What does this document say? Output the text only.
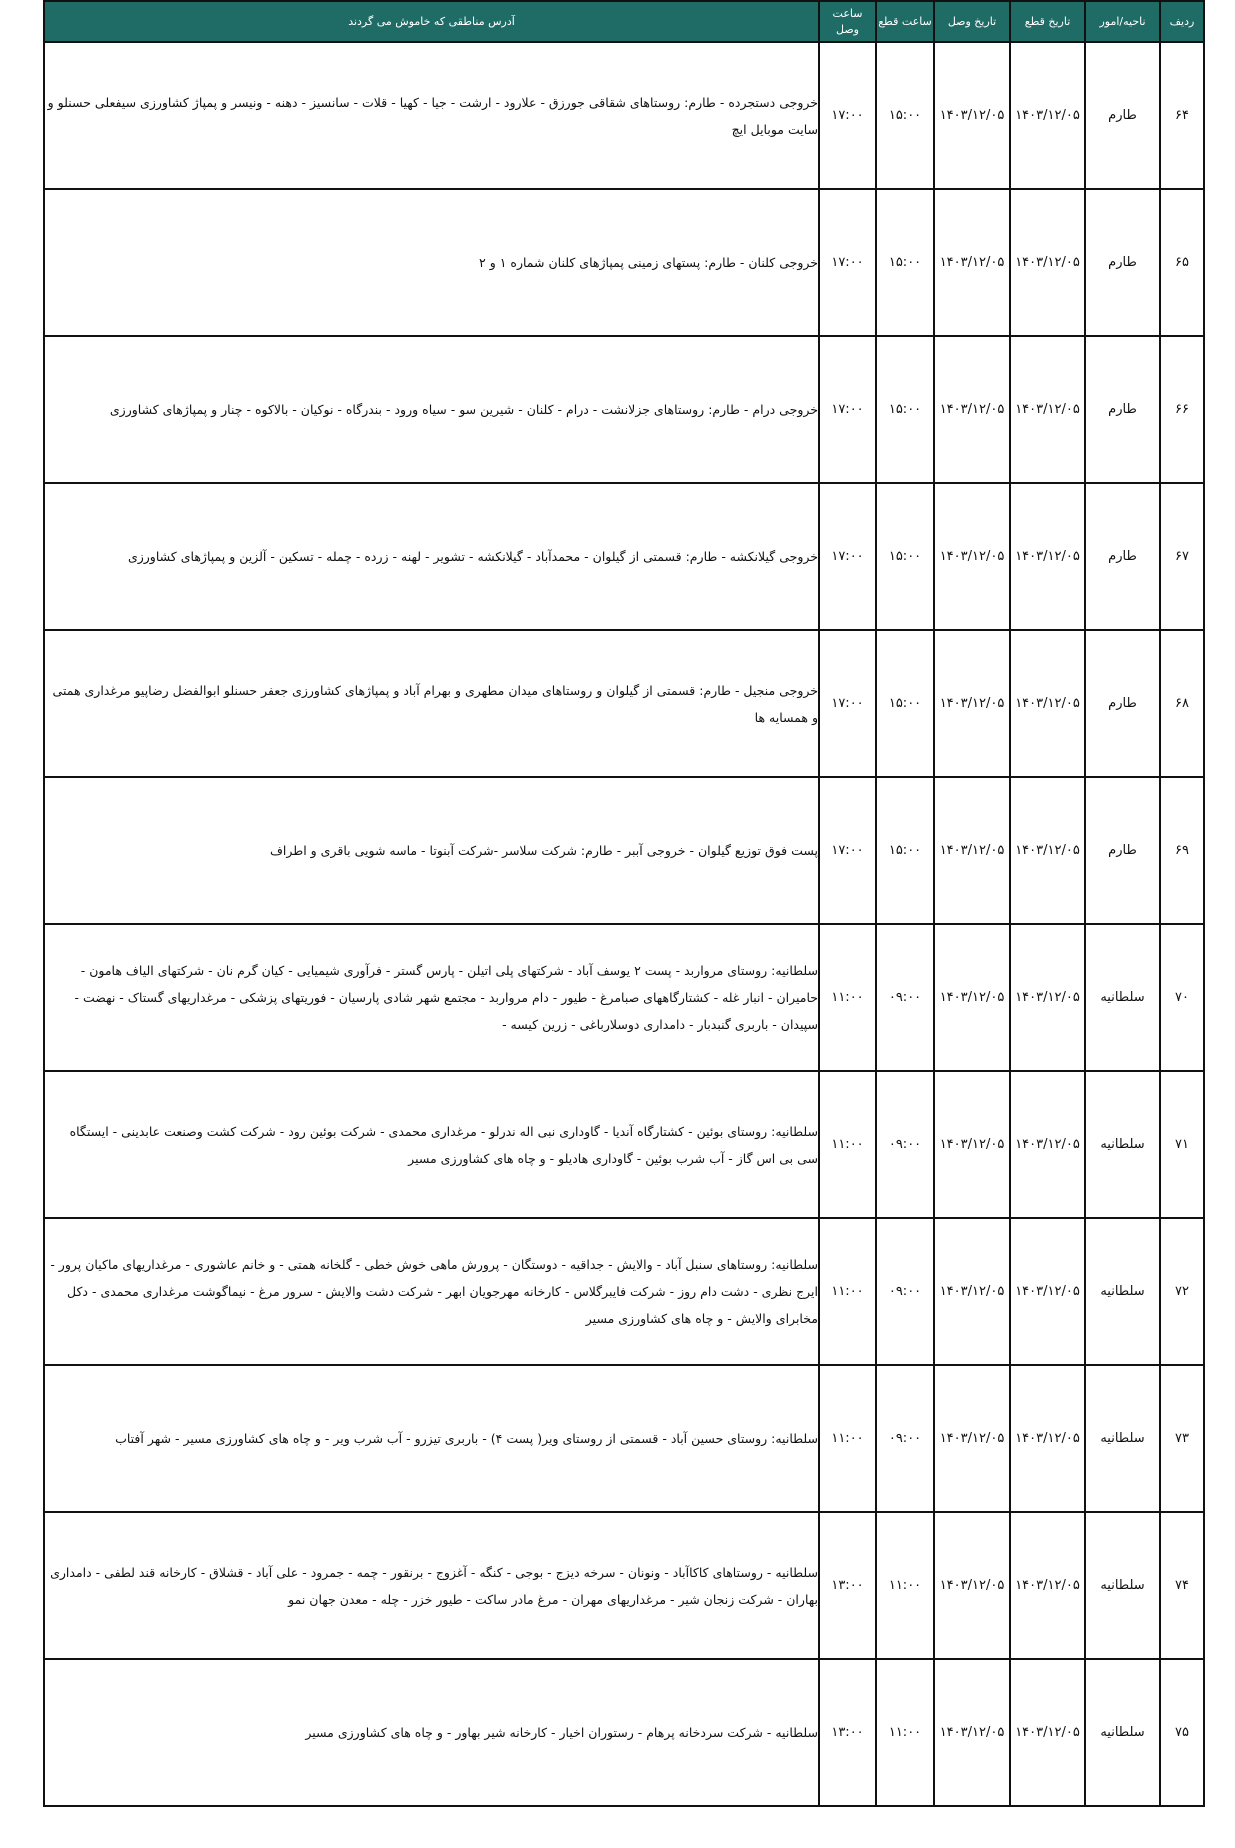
ردیف	ناحیه/امور	تاریخ قطع	تاریخ وصل	ساعت قطع	ساعت وصل	آدرس مناطقی که خاموش می گردند
۶۴	طارم	۱۴۰۳/۱۲/۰۵	۱۴۰۳/۱۲/۰۵	۱۵:۰۰	۱۷:۰۰	خروجی دستجرده - طارم: روستاهای شقاقی جورزق - علارود - ارشت - جیا - کهیا - قلات - سانسیز - دهنه - ونیسر و پمپاژ کشاورزی سیفعلی حسنلو و سایت موبایل ایچ
۶۵	طارم	۱۴۰۳/۱۲/۰۵	۱۴۰۳/۱۲/۰۵	۱۵:۰۰	۱۷:۰۰	خروجی کلنان - طارم: پستهای زمینی پمپاژهای کلنان شماره ۱ و ۲
۶۶	طارم	۱۴۰۳/۱۲/۰۵	۱۴۰۳/۱۲/۰۵	۱۵:۰۰	۱۷:۰۰	خروجی درام - طارم: روستاهای جزلانشت - درام - کلنان - شیرین سو - سیاه ورود - بندرگاه - نوکیان - بالاکوه - چنار و پمپاژهای کشاورزی
۶۷	طارم	۱۴۰۳/۱۲/۰۵	۱۴۰۳/۱۲/۰۵	۱۵:۰۰	۱۷:۰۰	خروجی گیلانکشه - طارم: قسمتی از گیلوان - محمدآباد - گیلانکشه - تشویر - لهنه - زرده - چمله - تسکین - آلزین و پمپاژهای کشاورزی
۶۸	طارم	۱۴۰۳/۱۲/۰۵	۱۴۰۳/۱۲/۰۵	۱۵:۰۰	۱۷:۰۰	خروجی منجیل - طارم: قسمتی از گیلوان و روستاهای میدان مطهری و بهرام آباد و پمپاژهای کشاورزی جعفر حسنلو ابوالفضل رضاپیو مرغداری همتی و همسایه ها
۶۹	طارم	۱۴۰۳/۱۲/۰۵	۱۴۰۳/۱۲/۰۵	۱۵:۰۰	۱۷:۰۰	پست فوق توزیع گیلوان - خروجی آببر - طارم: شرکت سلاسر -شرکت آبنوتا - ماسه شویی باقری و اطراف
۷۰	سلطانیه	۱۴۰۳/۱۲/۰۵	۱۴۰۳/۱۲/۰۵	۰۹:۰۰	۱۱:۰۰	سلطانیه: روستای مرواربد - پست ۲ یوسف آباد - شرکتهای پلی اتیلن - پارس گستر - فرآوری شیمیایی - کیان گرم نان - شرکتهای الیاف هامون - حامیران - انبار غله - کشتارگاههای صبامرغ - طیور - دام مرواربد - مجتمع شهر شادی پارسیان - فوریتهای پزشکی - مرغداریهای گستاک - نهضت - سپیدان - باربری گنبدبار - دامداری دوسلارباغی - زرین کیسه -
۷۱	سلطانیه	۱۴۰۳/۱۲/۰۵	۱۴۰۳/۱۲/۰۵	۰۹:۰۰	۱۱:۰۰	سلطانیه: روستای بوئین - کشتارگاه آندیا - گاوداری نبی اله ندرلو - مرغداری محمدی - شرکت بوئین رود - شرکت کشت وصنعت عابدینی - ایستگاه سی بی اس گاز - آب شرب بوئین - گاوداری هادیلو - و چاه های کشاورزی مسیر
۷۲	سلطانیه	۱۴۰۳/۱۲/۰۵	۱۴۰۳/۱۲/۰۵	۰۹:۰۰	۱۱:۰۰	سلطانیه: روستاهای سنبل آباد - والایش - جداقیه - دوستگان - پرورش ماهی خوش خطی - گلخانه همتی - و خانم عاشوری - مرغداریهای ماکیان پرور - ایرج نظری - دشت دام روز - شرکت فایبرگلاس - کارخانه مهرجویان ابهر - شرکت دشت والایش - سرور مرغ - نیماگوشت مرغداری محمدی - دکل مخابرای والایش - و چاه های کشاورزی مسیر
۷۳	سلطانیه	۱۴۰۳/۱۲/۰۵	۱۴۰۳/۱۲/۰۵	۰۹:۰۰	۱۱:۰۰	سلطانیه: روستای حسین آباد - قسمتی از روستای ویر( پست ۴) - باربری تیزرو - آب شرب ویر - و چاه های کشاورزی مسیر - شهر آفتاب
۷۴	سلطانیه	۱۴۰۳/۱۲/۰۵	۱۴۰۳/۱۲/۰۵	۱۱:۰۰	۱۳:۰۰	سلطانیه - روستاهای کاکاآباد - ونونان - سرخه دیزج - بوجی - کنگه - آغزوج - برنقور - چمه - جمرود - علی آباد - قشلاق - کارخانه قند لطفی - دامداری بهاران - شرکت زنجان شیر - مرغداریهای مهران - مرغ مادر ساکت - طیور خزر - چله - معدن جهان نمو
۷۵	سلطانیه	۱۴۰۳/۱۲/۰۵	۱۴۰۳/۱۲/۰۵	۱۱:۰۰	۱۳:۰۰	سلطانیه - شرکت سردخانه پرهام - رستوران اخیار - کارخانه شیر بهاور - و چاه های کشاورزی مسیر
